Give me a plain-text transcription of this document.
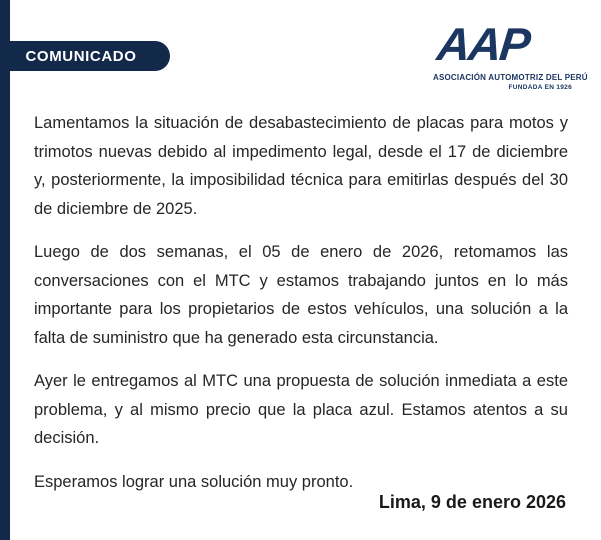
COMUNICADO	AAP
ASOCIACIÓN AUTOMOTRIZ DEL PERÚ
FUNDADA EN 1926

Lamentamos la situación de desabastecimiento de placas para motos y trimotos nuevas debido al impedimento legal, desde el 17 de diciembre y, posteriormente, la imposibilidad técnica para emitirlas después del 30 de diciembre de 2025.

Luego de dos semanas, el 05 de enero de 2026, retomamos las conversaciones con el MTC y estamos trabajando juntos en lo más importante para los propietarios de estos vehículos, una solución a la falta de suministro que ha generado esta circunstancia.

Ayer le entregamos al MTC una propuesta de solución inmediata a este problema, y al mismo precio que la placa azul. Estamos atentos a su decisión.

Esperamos lograr una solución muy pronto.

Lima, 9 de enero 2026
